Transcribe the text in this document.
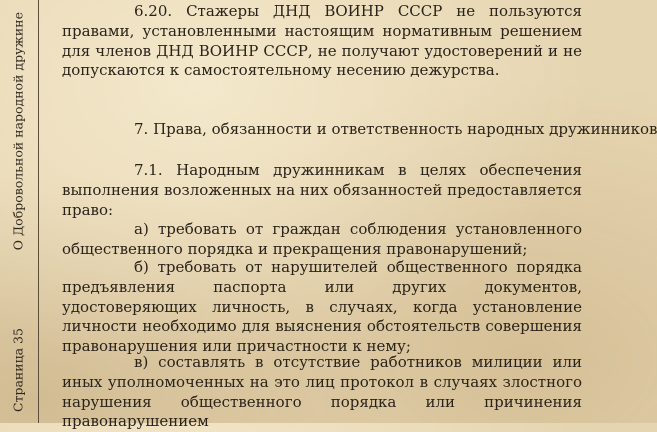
Страница 35
О Добровольной народной дружине

6.20. Стажеры ДНД ВОИНР СССР не пользуются правами, установленными настоящим нормативным решением для членов ДНД ВОИНР СССР, не получают удостоверений и не допускаются к самостоятельному несению дежурства.

7. Права, обязанности и ответственность народных дружинников

7.1. Народным дружинникам в целях обеспечения выполнения возложенных на них обязанностей предоставляется право:

а) требовать от граждан соблюдения установленного общественного порядка и прекращения правонарушений;

б) требовать от нарушителей общественного порядка предъявления паспорта или других документов, удостоверяющих личность, в случаях, когда установление личности необходимо для выяснения обстоятельств совершения правонарушения или причастности к нему;

в) составлять в отсутствие работников милиции или иных уполномоченных на это лиц протокол в случаях злостного нарушения общественного порядка или причинения правонарушением
